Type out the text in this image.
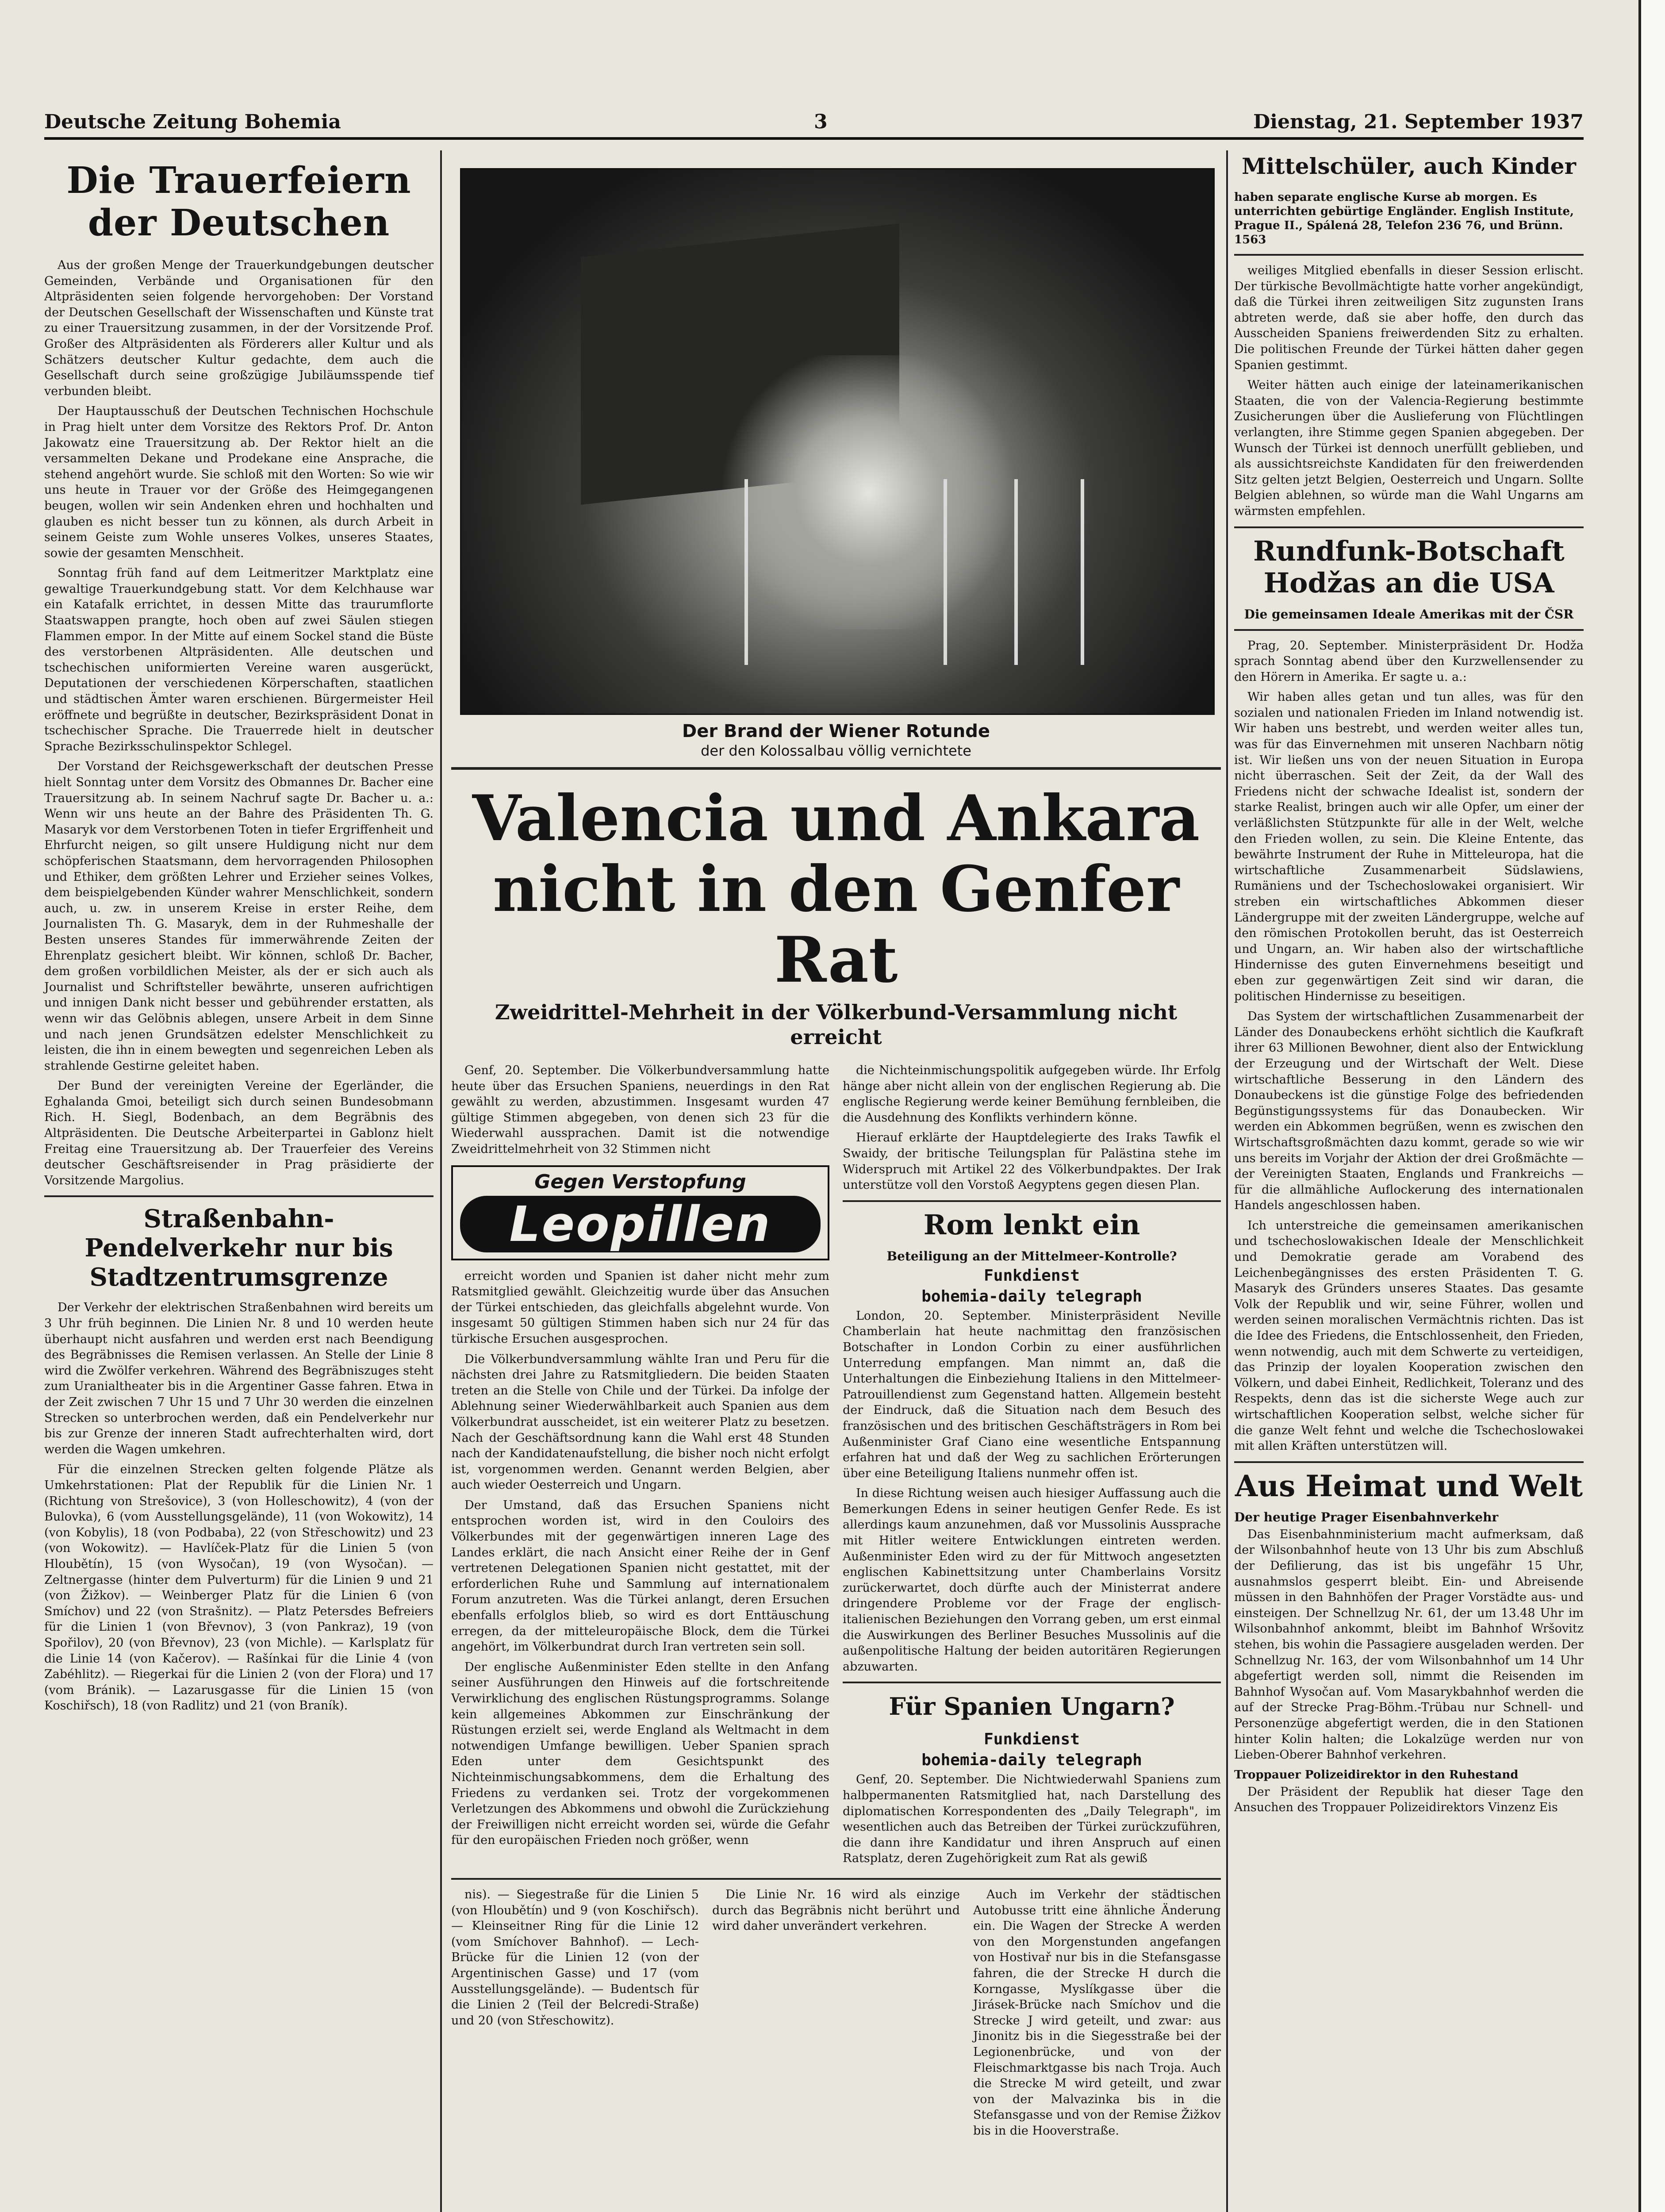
Deutsche Zeitung Bohemia	3	Dienstag, 21. September 1937
Die Trauerfeiern der Deutschen

Aus der großen Menge der Trauerkundgebungen deutscher Gemeinden, Verbände und Organisationen für den Altpräsidenten seien folgende hervorgehoben: Der Vorstand der Deutschen Gesellschaft der Wissenschaften und Künste trat zu einer Trauersitzung zusammen, in der der Vorsitzende Prof. Großer des Altpräsidenten als Förderers aller Kultur und als Schätzers deutscher Kultur gedachte, dem auch die Gesellschaft durch seine großzügige Jubiläumsspende tief verbunden bleibt.

Der Hauptausschuß der Deutschen Technischen Hochschule in Prag hielt unter dem Vorsitze des Rektors Prof. Dr. Anton Jakowatz eine Trauersitzung ab. Der Rektor hielt an die versammelten Dekane und Prodekane eine Ansprache, die stehend angehört wurde. Sie schloß mit den Worten: So wie wir uns heute in Trauer vor der Größe des Heimgegangenen beugen, wollen wir sein Andenken ehren und hochhalten und glauben es nicht besser tun zu können, als durch Arbeit in seinem Geiste zum Wohle unseres Volkes, unseres Staates, sowie der gesamten Menschheit.

Sonntag früh fand auf dem Leitmeritzer Marktplatz eine gewaltige Trauerkundgebung statt. Vor dem Kelchhause war ein Katafalk errichtet, in dessen Mitte das traurumflorte Staatswappen prangte, hoch oben auf zwei Säulen stiegen Flammen empor. In der Mitte auf einem Sockel stand die Büste des verstorbenen Altpräsidenten. Alle deutschen und tschechischen uniformierten Vereine waren ausgerückt, Deputationen der verschiedenen Körperschaften, staatlichen und städtischen Ämter waren erschienen. Bürgermeister Heil eröffnete und begrüßte in deutscher, Bezirkspräsident Donat in tschechischer Sprache. Die Trauerrede hielt in deutscher Sprache Bezirksschulinspektor Schlegel.

Der Vorstand der Reichsgewerkschaft der deutschen Presse hielt Sonntag unter dem Vorsitz des Obmannes Dr. Bacher eine Trauersitzung ab. In seinem Nachruf sagte Dr. Bacher u. a.: Wenn wir uns heute an der Bahre des Präsidenten Th. G. Masaryk vor dem Verstorbenen Toten in tiefer Ergriffenheit und Ehrfurcht neigen, so gilt unsere Huldigung nicht nur dem schöpferischen Staatsmann, dem hervorragenden Philosophen und Ethiker, dem größten Lehrer und Erzieher seines Volkes, dem beispielgebenden Künder wahrer Menschlichkeit, sondern auch, u. zw. in unserem Kreise in erster Reihe, dem Journalisten Th. G. Masaryk, dem in der Ruhmeshalle der Besten unseres Standes für immerwährende Zeiten der Ehrenplatz gesichert bleibt. Wir können, schloß Dr. Bacher, dem großen vorbildlichen Meister, als der er sich auch als Journalist und Schriftsteller bewährte, unseren aufrichtigen und innigen Dank nicht besser und gebührender erstatten, als wenn wir das Gelöbnis ablegen, unsere Arbeit in dem Sinne und nach jenen Grundsätzen edelster Menschlichkeit zu leisten, die ihn in einem bewegten und segenreichen Leben als strahlende Gestirne geleitet haben.

Der Bund der vereinigten Vereine der Egerländer, die Eghalanda Gmoi, beteiligt sich durch seinen Bundesobmann Rich. H. Siegl, Bodenbach, an dem Begräbnis des Altpräsidenten. Die Deutsche Arbeiterpartei in Gablonz hielt Freitag eine Trauersitzung ab. Der Trauerfeier des Vereins deutscher Geschäftsreisender in Prag präsidierte der Vorsitzende Margolius.

Straßenbahn-Pendelverkehr nur bis Stadtzentrumsgrenze

Der Verkehr der elektrischen Straßenbahnen wird bereits um 3 Uhr früh beginnen. Die Linien Nr. 8 und 10 werden heute überhaupt nicht ausfahren und werden erst nach Beendigung des Begräbnisses die Remisen verlassen. An Stelle der Linie 8 wird die Zwölfer verkehren. Während des Begräbniszuges steht zum Uranialtheater bis in die Argentiner Gasse fahren. Etwa in der Zeit zwischen 7 Uhr 15 und 7 Uhr 30 werden die einzelnen Strecken so unterbrochen werden, daß ein Pendelverkehr nur bis zur Grenze der inneren Stadt aufrechterhalten wird, dort werden die Wagen umkehren.

Für die einzelnen Strecken gelten folgende Plätze als Umkehrstationen: Plat der Republik für die Linien Nr. 1 (Richtung von Strešovice), 3 (von Holleschowitz), 4 (von der Bulovka), 6 (vom Ausstellungsgelände), 11 (von Wokowitz), 14 (von Kobylis), 18 (von Podbaba), 22 (von Střeschowitz) und 23 (von Wokowitz). — Havlíček-Platz für die Linien 5 (von Hloubětín), 15 (von Wysočan), 19 (von Wysočan). — Zeltnergasse (hinter dem Pulverturm) für die Linien 9 und 21 (von Žižkov). — Weinberger Platz für die Linien 6 (von Smíchov) und 22 (von Strašnitz). — Platz Petersdes Befreiers für die Linien 1 (von Břevnov), 3 (von Pankraz), 19 (von Spořilov), 20 (von Břevnov), 23 (von Michle). — Karlsplatz für die Linie 14 (von Kačerov). — Rašínkai für die Linie 4 (von Zabéhlitz). — Riegerkai für die Linien 2 (von der Flora) und 17 (vom Bránik). — Lazarusgasse für die Linien 15 (von Koschiřsch), 18 (von Radlitz) und 21 (von Braník).

Der Brand der Wiener Rotunde
der den Kolossalbau völlig vernichtete
Valencia und Ankara nicht in den Genfer Rat
Zweidrittel-Mehrheit in der Völkerbund-Versammlung nicht erreicht

Genf, 20. September. Die Völkerbundversammlung hatte heute über das Ersuchen Spaniens, neuerdings in den Rat gewählt zu werden, abzustimmen. Insgesamt wurden 47 gültige Stimmen abgegeben, von denen sich 23 für die Wiederwahl aussprachen. Damit ist die notwendige Zweidrittelmehrheit von 32 Stimmen nicht

Gegen Verstopfung
Leopillen

erreicht worden und Spanien ist daher nicht mehr zum Ratsmitglied gewählt. Gleichzeitig wurde über das Ansuchen der Türkei entschieden, das gleichfalls abgelehnt wurde. Von insgesamt 50 gültigen Stimmen haben sich nur 24 für das türkische Ersuchen ausgesprochen.

Die Völkerbundversammlung wählte Iran und Peru für die nächsten drei Jahre zu Ratsmitgliedern. Die beiden Staaten treten an die Stelle von Chile und der Türkei. Da infolge der Ablehnung seiner Wiederwählbarkeit auch Spanien aus dem Völkerbundrat ausscheidet, ist ein weiterer Platz zu besetzen. Nach der Geschäftsordnung kann die Wahl erst 48 Stunden nach der Kandidatenaufstellung, die bisher noch nicht erfolgt ist, vorgenommen werden. Genannt werden Belgien, aber auch wieder Oesterreich und Ungarn.

Der Umstand, daß das Ersuchen Spaniens nicht entsprochen worden ist, wird in den Couloirs des Völkerbundes mit der gegenwärtigen inneren Lage des Landes erklärt, die nach Ansicht einer Reihe der in Genf vertretenen Delegationen Spanien nicht gestattet, mit der erforderlichen Ruhe und Sammlung auf internationalem Forum anzutreten. Was die Türkei anlangt, deren Ersuchen ebenfalls erfolglos blieb, so wird es dort Enttäuschung erregen, da der mitteleuropäische Block, dem die Türkei angehört, im Völkerbundrat durch Iran vertreten sein soll.

Der englische Außenminister Eden stellte in den Anfang seiner Ausführungen den Hinweis auf die fortschreitende Verwirklichung des englischen Rüstungsprogramms. Solange kein allgemeines Abkommen zur Einschränkung der Rüstungen erzielt sei, werde England als Weltmacht in dem notwendigen Umfange bewilligen. Ueber Spanien sprach Eden unter dem Gesichtspunkt des Nichteinmischungsabkommens, dem die Erhaltung des Friedens zu verdanken sei. Trotz der vorgekommenen Verletzungen des Abkommens und obwohl die Zurückziehung der Freiwilligen nicht erreicht worden sei, würde die Gefahr für den europäischen Frieden noch größer, wenn

die Nichteinmischungspolitik aufgegeben würde. Ihr Erfolg hänge aber nicht allein von der englischen Regierung ab. Die englische Regierung werde keiner Bemühung fernbleiben, die die Ausdehnung des Konflikts verhindern könne.

Hierauf erklärte der Hauptdelegierte des Iraks Tawfik el Swaidy, der britische Teilungsplan für Palästina stehe im Widerspruch mit Artikel 22 des Völkerbundpaktes. Der Irak unterstütze voll den Vorstoß Aegyptens gegen diesen Plan.

Rom lenkt ein
Beteiligung an der Mittelmeer-Kontrolle?
Funkdienst
bohemia-daily telegraph

London, 20. September. Ministerpräsident Neville Chamberlain hat heute nachmittag den französischen Botschafter in London Corbin zu einer ausführlichen Unterredung empfangen. Man nimmt an, daß die Unterhaltungen die Einbeziehung Italiens in den Mittelmeer-Patrouillendienst zum Gegenstand hatten. Allgemein besteht der Eindruck, daß die Situation nach dem Besuch des französischen und des britischen Geschäftsträgers in Rom bei Außenminister Graf Ciano eine wesentliche Entspannung erfahren hat und daß der Weg zu sachlichen Erörterungen über eine Beteiligung Italiens nunmehr offen ist.

In diese Richtung weisen auch hiesiger Auffassung auch die Bemerkungen Edens in seiner heutigen Genfer Rede. Es ist allerdings kaum anzunehmen, daß vor Mussolinis Aussprache mit Hitler weitere Entwicklungen eintreten werden. Außenminister Eden wird zu der für Mittwoch angesetzten englischen Kabinettsitzung unter Chamberlains Vorsitz zurückerwartet, doch dürfte auch der Ministerrat andere dringendere Probleme vor der Frage der englisch-italienischen Beziehungen den Vorrang geben, um erst einmal die Auswirkungen des Berliner Besuches Mussolinis auf die außenpolitische Haltung der beiden autoritären Regierungen abzuwarten.

Für Spanien Ungarn?
Funkdienst
bohemia-daily telegraph

Genf, 20. September. Die Nichtwiederwahl Spaniens zum halbpermanenten Ratsmitglied hat, nach Darstellung des diplomatischen Korrespondenten des „Daily Telegraph", im wesentlichen auch das Betreiben der Türkei zurückzuführen, die dann ihre Kandidatur und ihren Anspruch auf einen Ratsplatz, deren Zugehörigkeit zum Rat als gewiß

nis). — Siegestraße für die Linien 5 (von Hloubětín) und 9 (von Koschiřsch). — Kleinseitner Ring für die Linie 12 (vom Smíchover Bahnhof). — Lech-Brücke für die Linien 12 (von der Argentinischen Gasse) und 17 (vom Ausstellungsgelände). — Budentsch für die Linien 2 (Teil der Belcredi-Straße) und 20 (von Střeschowitz).

Die Linie Nr. 16 wird als einzige durch das Begräbnis nicht berührt und wird daher unverändert verkehren.

Auch im Verkehr der städtischen Autobusse tritt eine ähnliche Änderung ein. Die Wagen der Strecke A werden von den Morgenstunden angefangen von Hostivař nur bis in die Stefansgasse fahren, die der Strecke H durch die Korngasse, Myslíkgasse über die Jirásek-Brücke nach Smíchov und die Strecke J wird geteilt, und zwar: aus Jinonitz bis in die Siegesstraße bei der Legionenbrücke, und von der Fleischmarktgasse bis nach Troja. Auch die Strecke M wird geteilt, und zwar von der Malvazinka bis in die Stefansgasse und von der Remise Žižkov bis in die Hooverstraße.

Mittelschüler, auch Kinder
haben separate englische Kurse ab morgen. Es unterrichten gebürtige Engländer. English Institute, Prague II., Spálená 28, Telefon 236 76, und Brünn. 1563

weiliges Mitglied ebenfalls in dieser Session erlischt. Der türkische Bevollmächtigte hatte vorher angekündigt, daß die Türkei ihren zeitweiligen Sitz zugunsten Irans abtreten werde, daß sie aber hoffe, den durch das Ausscheiden Spaniens freiwerdenden Sitz zu erhalten. Die politischen Freunde der Türkei hätten daher gegen Spanien gestimmt.

Weiter hätten auch einige der lateinamerikanischen Staaten, die von der Valencia-Regierung bestimmte Zusicherungen über die Auslieferung von Flüchtlingen verlangten, ihre Stimme gegen Spanien abgegeben. Der Wunsch der Türkei ist dennoch unerfüllt geblieben, und als aussichtsreichste Kandidaten für den freiwerdenden Sitz gelten jetzt Belgien, Oesterreich und Ungarn. Sollte Belgien ablehnen, so würde man die Wahl Ungarns am wärmsten empfehlen.

Rundfunk-Botschaft Hodžas an die USA
Die gemeinsamen Ideale Amerikas mit der ČSR

Prag, 20. September. Ministerpräsident Dr. Hodža sprach Sonntag abend über den Kurzwellensender zu den Hörern in Amerika. Er sagte u. a.:

Wir haben alles getan und tun alles, was für den sozialen und nationalen Frieden im Inland notwendig ist. Wir haben uns bestrebt, und werden weiter alles tun, was für das Einvernehmen mit unseren Nachbarn nötig ist. Wir ließen uns von der neuen Situation in Europa nicht überraschen. Seit der Zeit, da der Wall des Friedens nicht der schwache Idealist ist, sondern der starke Realist, bringen auch wir alle Opfer, um einer der verläßlichsten Stützpunkte für alle in der Welt, welche den Frieden wollen, zu sein. Die Kleine Entente, das bewährte Instrument der Ruhe in Mitteleuropa, hat die wirtschaftliche Zusammenarbeit Südslawiens, Rumäniens und der Tschechoslowakei organisiert. Wir streben ein wirtschaftliches Abkommen dieser Ländergruppe mit der zweiten Ländergruppe, welche auf den römischen Protokollen beruht, das ist Oesterreich und Ungarn, an. Wir haben also der wirtschaftliche Hindernisse des guten Einvernehmens beseitigt und eben zur gegenwärtigen Zeit sind wir daran, die politischen Hindernisse zu beseitigen.

Das System der wirtschaftlichen Zusammenarbeit der Länder des Donaubeckens erhöht sichtlich die Kaufkraft ihrer 63 Millionen Bewohner, dient also der Entwicklung der Erzeugung und der Wirtschaft der Welt. Diese wirtschaftliche Besserung in den Ländern des Donaubeckens ist die günstige Folge des befriedenden Begünstigungssystems für das Donaubecken. Wir werden ein Abkommen begrüßen, wenn es zwischen den Wirtschaftsgroßmächten dazu kommt, gerade so wie wir uns bereits im Vorjahr der Aktion der drei Großmächte — der Vereinigten Staaten, Englands und Frankreichs — für die allmähliche Auflockerung des internationalen Handels angeschlossen haben.

Ich unterstreiche die gemeinsamen amerikanischen und tschechoslowakischen Ideale der Menschlichkeit und Demokratie gerade am Vorabend des Leichenbegängnisses des ersten Präsidenten T. G. Masaryk des Gründers unseres Staates. Das gesamte Volk der Republik und wir, seine Führer, wollen und werden seinen moralischen Vermächtnis richten. Das ist die Idee des Friedens, die Entschlossenheit, den Frieden, wenn notwendig, auch mit dem Schwerte zu verteidigen, das Prinzip der loyalen Kooperation zwischen den Völkern, und dabei Einheit, Redlichkeit, Toleranz und des Respekts, denn das ist die sicherste Wege auch zur wirtschaftlichen Kooperation selbst, welche sicher für die ganze Welt fehnt und welche die Tschechoslowakei mit allen Kräften unterstützen will.

Aus Heimat und Welt
Der heutige Prager Eisenbahnverkehr

Das Eisenbahnministerium macht aufmerksam, daß der Wilsonbahnhof heute von 13 Uhr bis zum Abschluß der Defilierung, das ist bis ungefähr 15 Uhr, ausnahmslos gesperrt bleibt. Ein- und Abreisende müssen in den Bahnhöfen der Prager Vorstädte aus- und einsteigen. Der Schnellzug Nr. 61, der um 13.48 Uhr im Wilsonbahnhof ankommt, bleibt im Bahnhof Wršovitz stehen, bis wohin die Passagiere ausgeladen werden. Der Schnellzug Nr. 163, der vom Wilsonbahnhof um 14 Uhr abgefertigt werden soll, nimmt die Reisenden im Bahnhof Wysočan auf. Vom Masarykbahnhof werden die auf der Strecke Prag-Böhm.-Trübau nur Schnell- und Personenzüge abgefertigt werden, die in den Stationen hinter Kolin halten; die Lokalzüge werden nur von Lieben-Oberer Bahnhof verkehren.

Troppauer Polizeidirektor in den Ruhestand

Der Präsident der Republik hat dieser Tage den Ansuchen des Troppauer Polizeidirektors Vinzenz Eis
